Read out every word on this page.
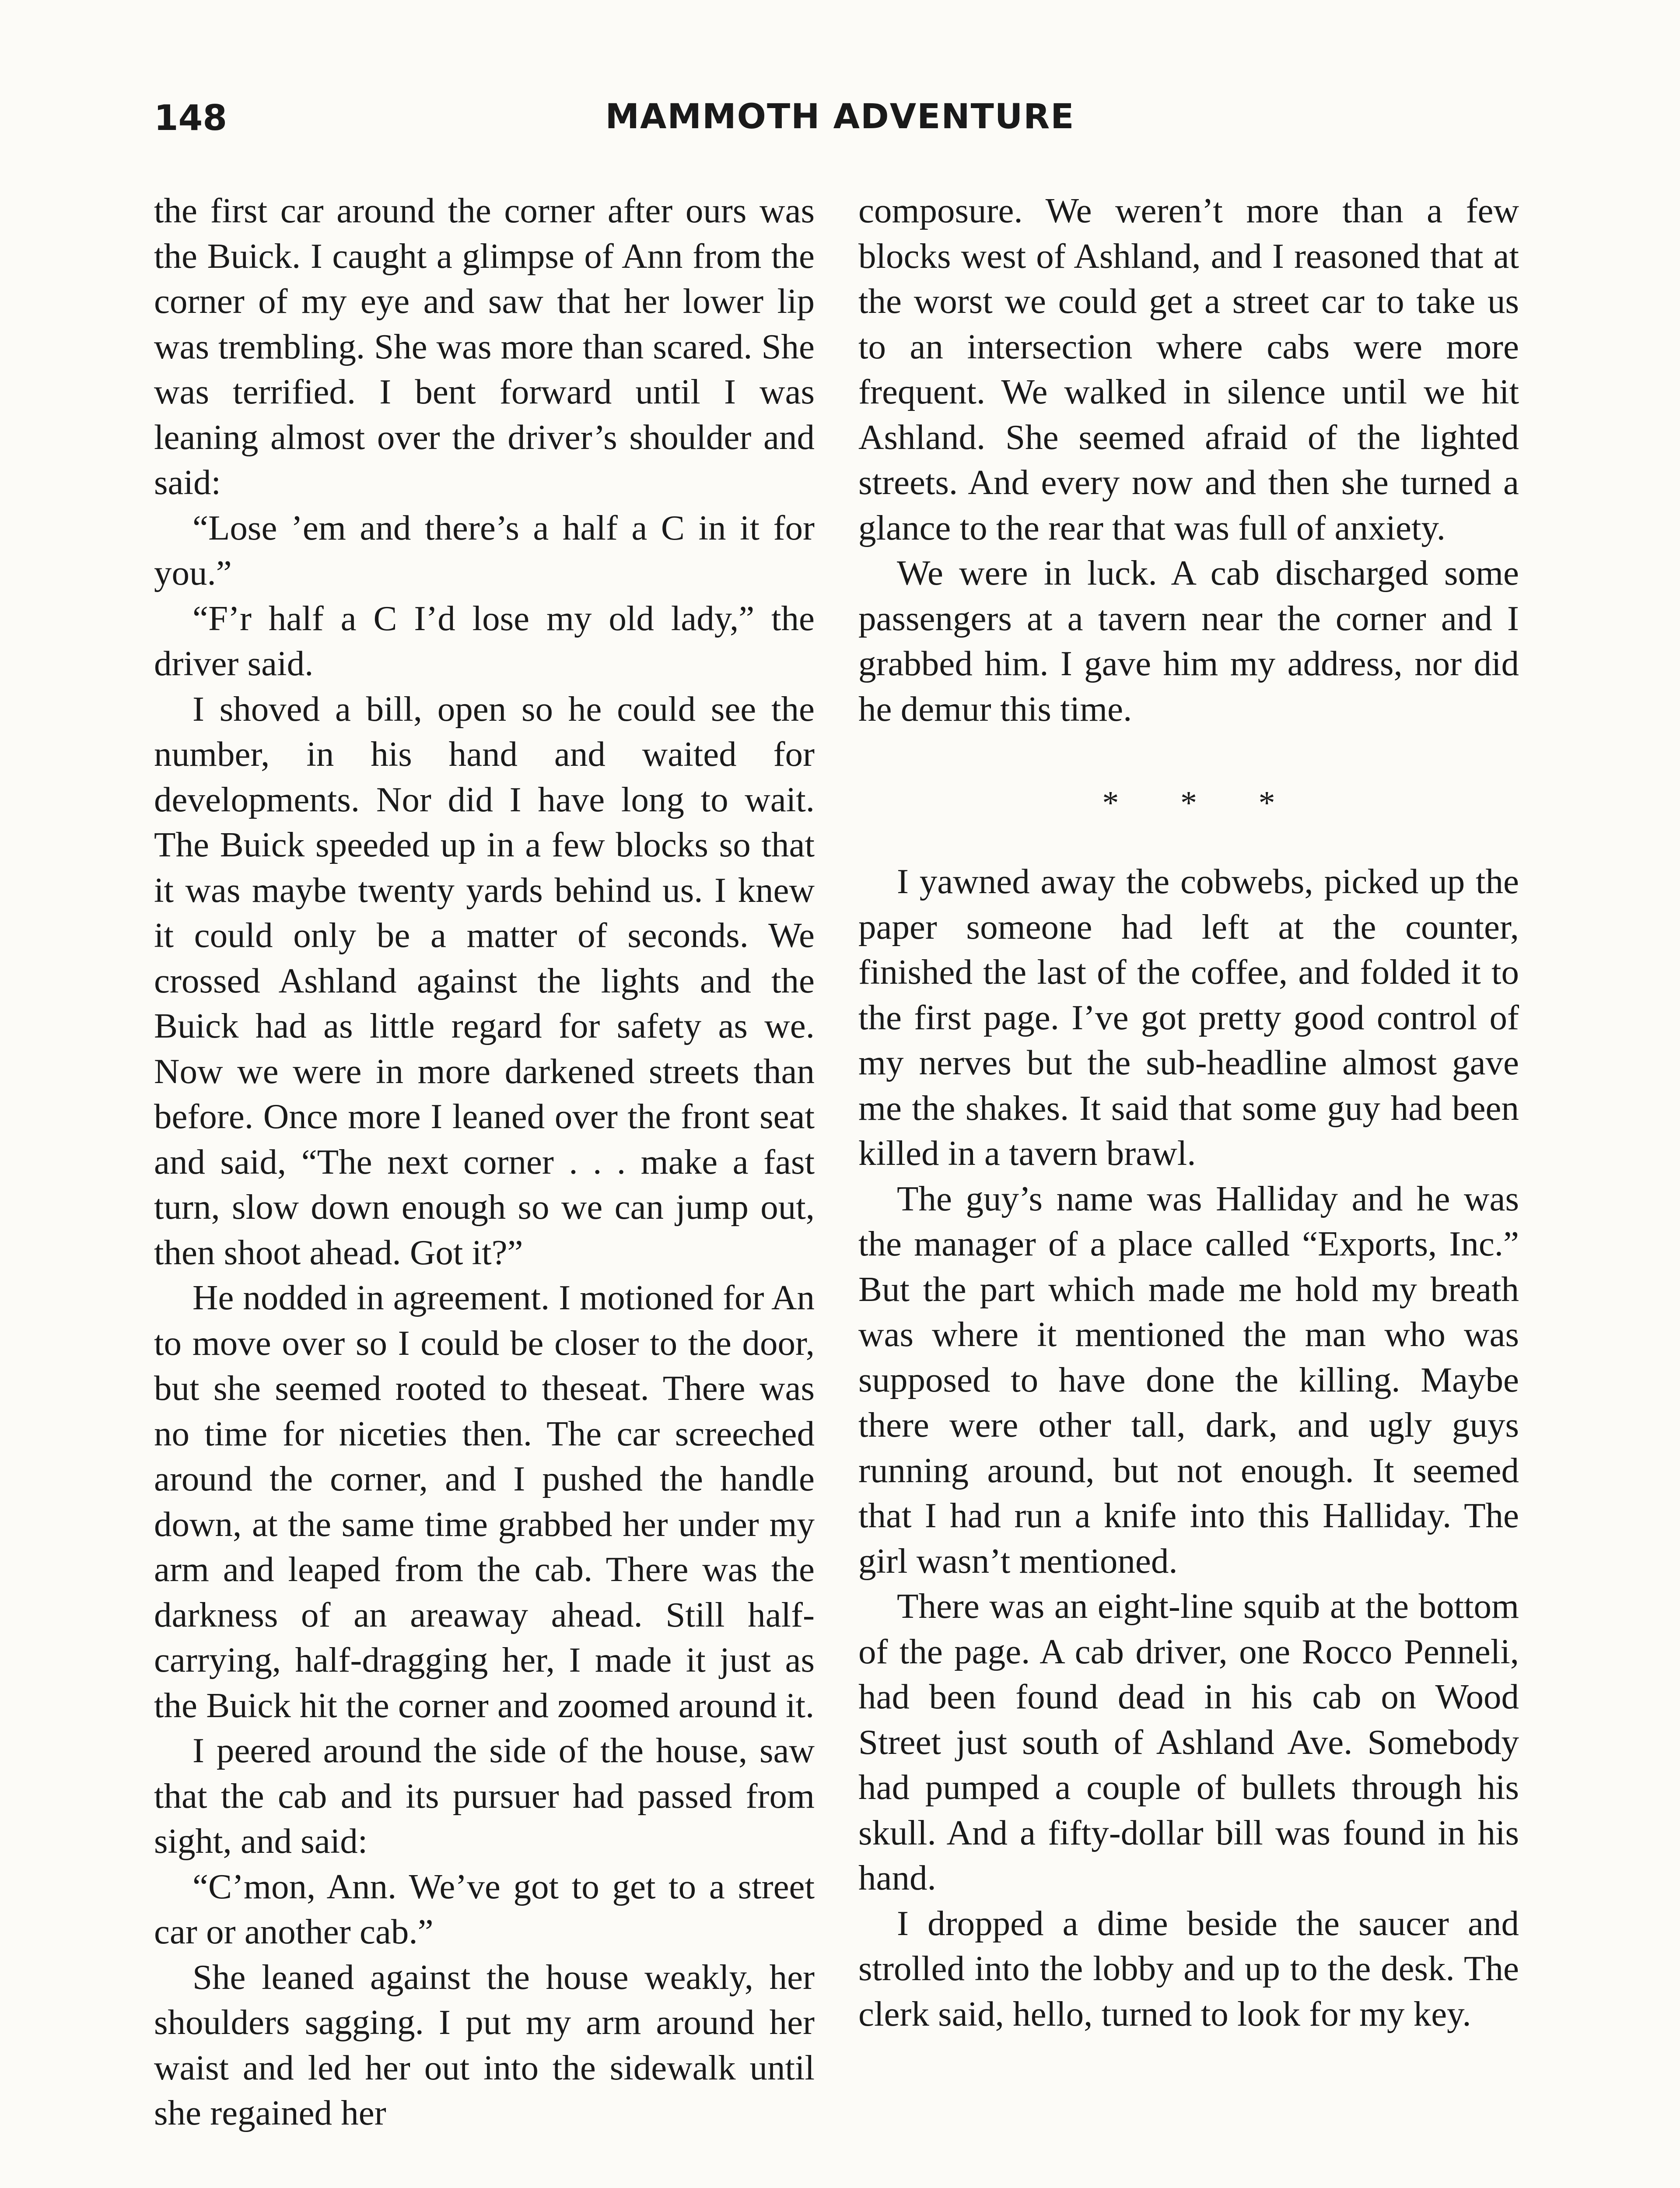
148	MAMMOTH ADVENTURE

the first car around the corner after ours was the Buick. I caught a glimpse of Ann from the corner of my eye and saw that her lower lip was trembling. She was more than scared. She was terrified. I bent forward until I was leaning almost over the driver’s shoulder and said:

“Lose ’em and there’s a half a C in it for you.”

“F’r half a C I’d lose my old lady,” the driver said.

I shoved a bill, open so he could see the number, in his hand and waited for developments. Nor did I have long to wait. The Buick speeded up in a few blocks so that it was maybe twenty yards behind us. I knew it could only be a matter of seconds. We crossed Ashland against the lights and the Buick had as little regard for safety as we. Now we were in more darkened streets than before. Once more I leaned over the front seat and said, “The next corner . . . make a fast turn, slow down enough so we can jump out, then shoot ahead. Got it?”

He nodded in agreement. I motioned for An to move over so I could be closer to the door, but she seemed rooted to theseat. There was no time for niceties then. The car screeched around the corner, and I pushed the handle down, at the same time grabbed her under my arm and leaped from the cab. There was the darkness of an areaway ahead. Still half-carrying, half-dragging her, I made it just as the Buick hit the corner and zoomed around it.

I peered around the side of the house, saw that the cab and its pursuer had passed from sight, and said:

“C’mon, Ann. We’ve got to get to a street car or another cab.”

She leaned against the house weakly, her shoulders sagging. I put my arm around her waist and led her out into the sidewalk until she regained her

composure. We weren’t more than a few blocks west of Ashland, and I reasoned that at the worst we could get a street car to take us to an intersection where cabs were more frequent. We walked in silence until we hit Ashland. She seemed afraid of the lighted streets. And every now and then she turned a glance to the rear that was full of anxiety.

We were in luck. A cab discharged some passengers at a tavern near the corner and I grabbed him. I gave him my address, nor did he demur this time.

* * *

I yawned away the cobwebs, picked up the paper someone had left at the counter, finished the last of the coffee, and folded it to the first page. I’ve got pretty good control of my nerves but the sub-headline almost gave me the shakes. It said that some guy had been killed in a tavern brawl.

The guy’s name was Halliday and he was the manager of a place called “Exports, Inc.” But the part which made me hold my breath was where it mentioned the man who was supposed to have done the killing. Maybe there were other tall, dark, and ugly guys running around, but not enough. It seemed that I had run a knife into this Halliday. The girl wasn’t mentioned.

There was an eight-line squib at the bottom of the page. A cab driver, one Rocco Penneli, had been found dead in his cab on Wood Street just south of Ashland Ave. Somebody had pumped a couple of bullets through his skull. And a fifty-dollar bill was found in his hand.

I dropped a dime beside the saucer and strolled into the lobby and up to the desk. The clerk said, hello, turned to look for my key.
